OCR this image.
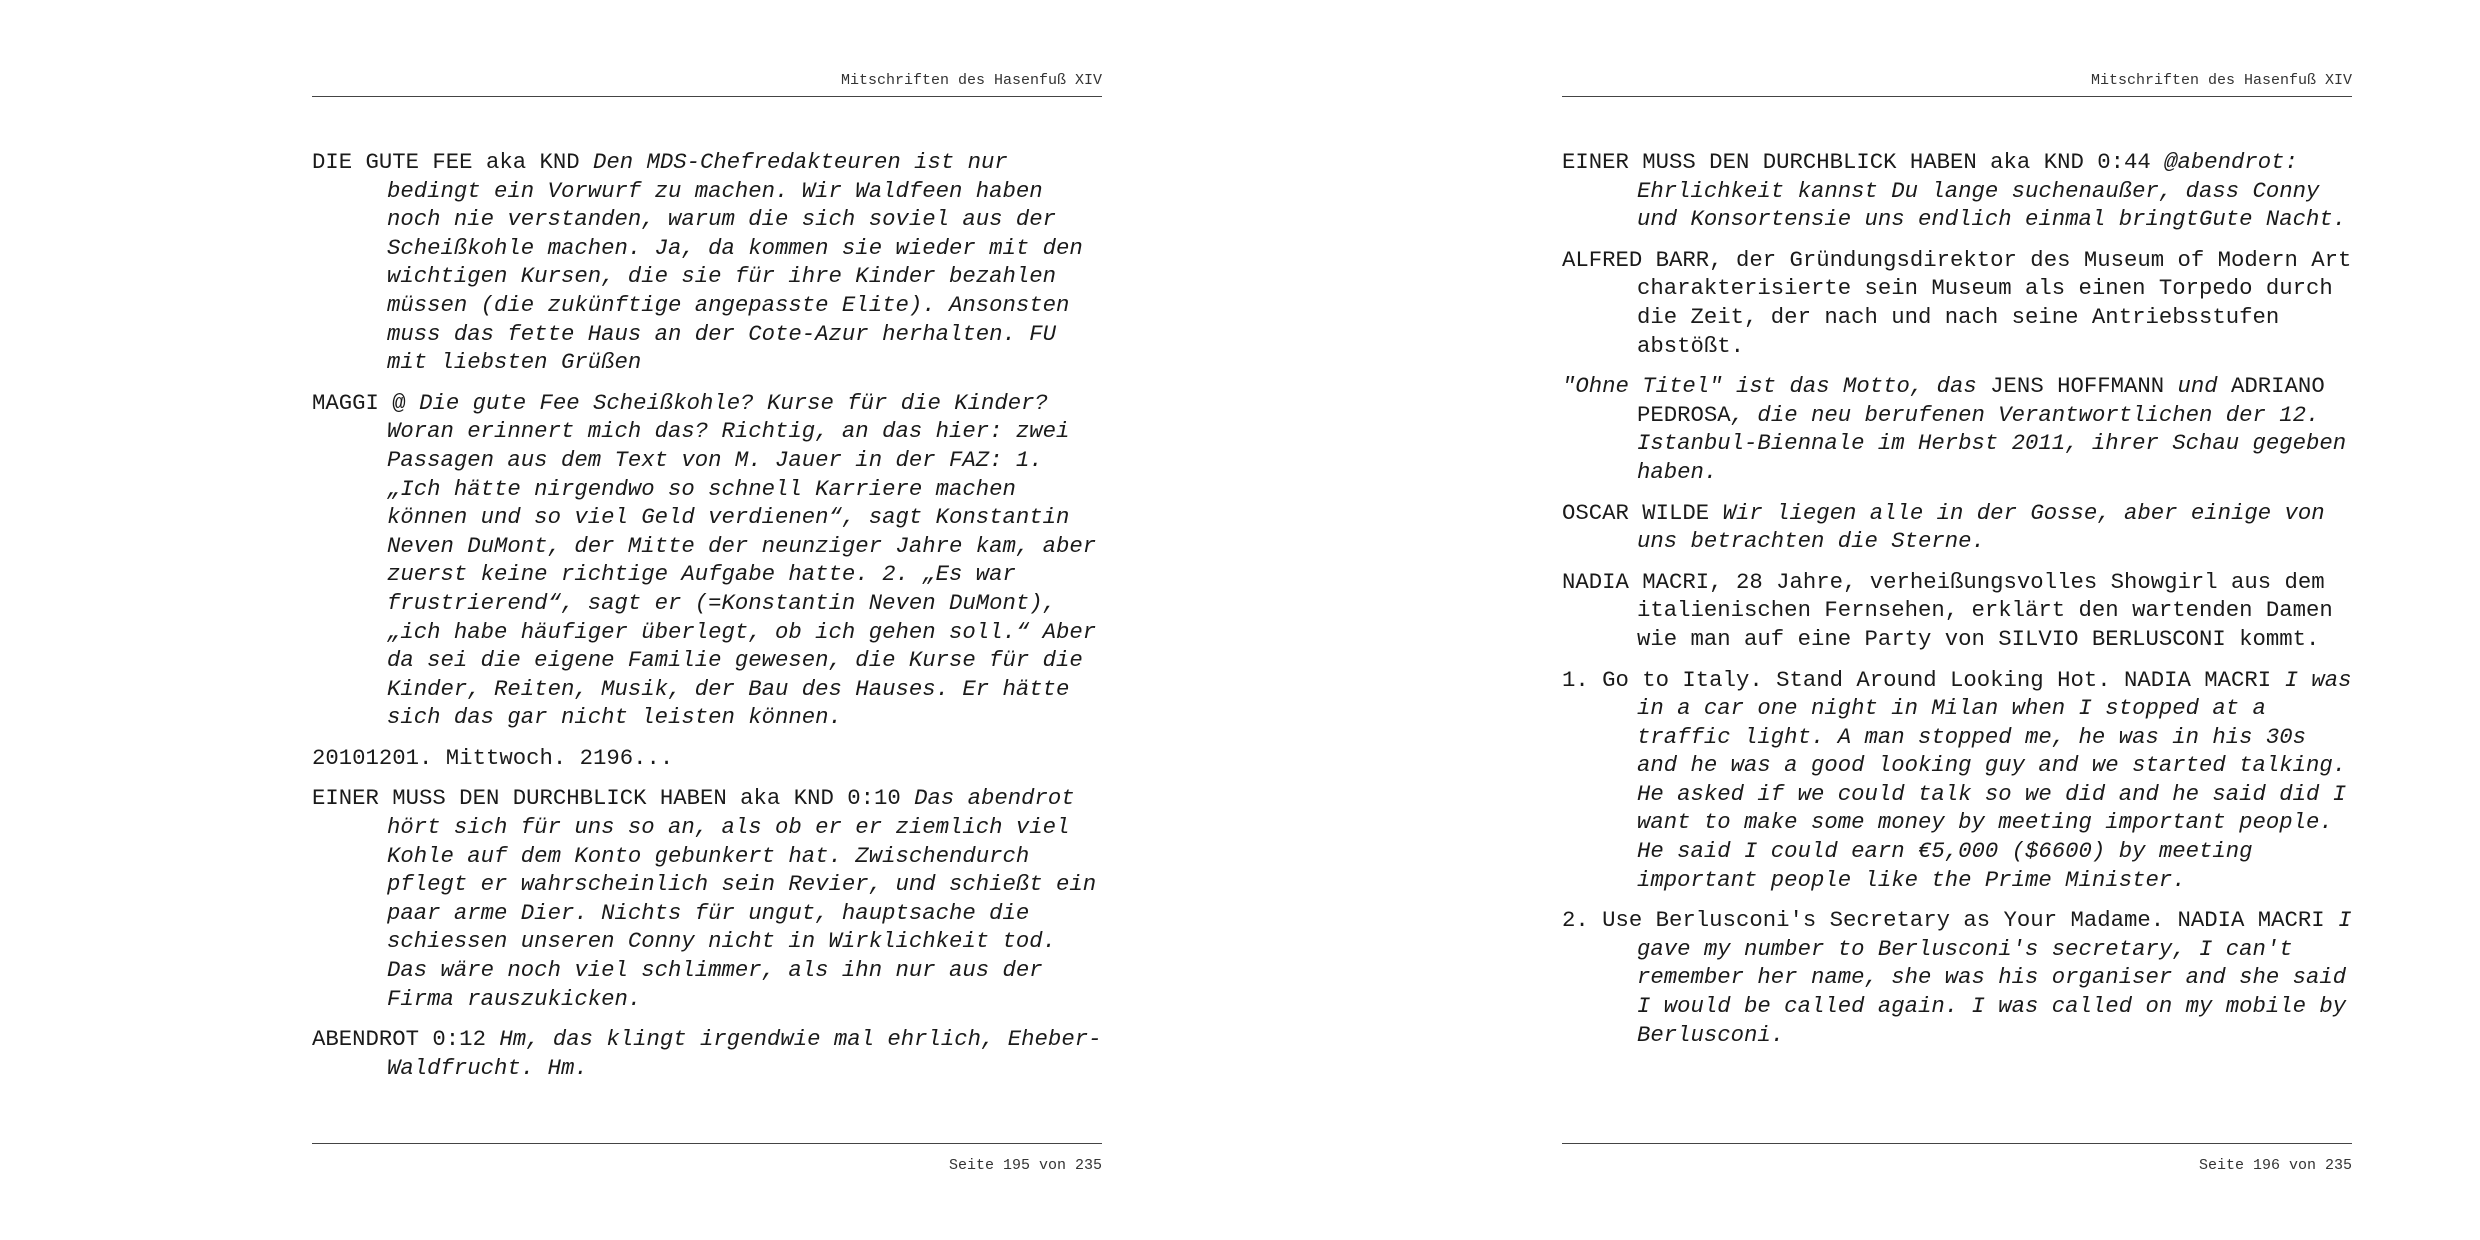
Mitschriften des Hasenfuß XIV

DIE GUTE FEE aka KND Den MDS-Chefredakteuren ist nur bedingt ein Vorwurf zu machen. Wir Waldfeen haben noch nie verstanden, warum die sich soviel aus der Scheißkohle machen. Ja, da kommen sie wieder mit den wichtigen Kursen, die sie für ihre Kinder bezahlen müssen (die zukünftige angepasste Elite). Ansonsten muss das fette Haus an der Cote-Azur herhalten. FU mit liebsten Grüßen

MAGGI @ Die gute Fee Scheißkohle? Kurse für die Kinder? Woran erinnert mich das? Richtig, an das hier: zwei Passagen aus dem Text von M. Jauer in der FAZ: 1. „Ich hätte nirgendwo so schnell Karriere machen können und so viel Geld verdienen“, sagt Konstantin Neven DuMont, der Mitte der neunziger Jahre kam, aber zuerst keine richtige Aufgabe hatte. 2. „Es war frustrierend“, sagt er (=Konstantin Neven DuMont), „ich habe häufiger überlegt, ob ich gehen soll.“ Aber da sei die eigene Familie gewesen, die Kurse für die Kinder, Reiten, Musik, der Bau des Hauses. Er hätte sich das gar nicht leisten können.

20101201. Mittwoch. 2196...

EINER MUSS DEN DURCHBLICK HABEN aka KND 0:10 Das abendrot hört sich für uns so an, als ob er er ziemlich viel Kohle auf dem Konto gebunkert hat. Zwischendurch pflegt er wahrscheinlich sein Revier, und schießt ein paar arme Dier. Nichts für ungut, hauptsache die schiessen unseren Conny nicht in Wirklichkeit tod. Das wäre noch viel schlimmer, als ihn nur aus der Firma rauszukicken.

ABENDROT 0:12 Hm, das klingt irgendwie mal ehrlich, Eheber-Waldfrucht. Hm.

Seite 195 von 235
Mitschriften des Hasenfuß XIV

EINER MUSS DEN DURCHBLICK HABEN aka KND 0:44 @abendrot: Ehrlichkeit kannst Du lange suchenaußer, dass Conny und Konsortensie uns endlich einmal bringtGute Nacht.

ALFRED BARR, der Gründungsdirektor des Museum of Modern Art charakterisierte sein Museum als einen Torpedo durch die Zeit, der nach und nach seine Antriebsstufen abstößt.

"Ohne Titel" ist das Motto, das JENS HOFFMANN und ADRIANO PEDROSA, die neu berufenen Verantwortlichen der 12. Istanbul-Biennale im Herbst 2011, ihrer Schau gegeben haben.

OSCAR WILDE Wir liegen alle in der Gosse, aber einige von uns betrachten die Sterne.

NADIA MACRI, 28 Jahre, verheißungsvolles Showgirl aus dem italienischen Fernsehen, erklärt den wartenden Damen wie man auf eine Party von SILVIO BERLUSCONI kommt.

1. Go to Italy. Stand Around Looking Hot. NADIA MACRI I was in a car one night in Milan when I stopped at a traffic light. A man stopped me, he was in his 30s and he was a good looking guy and we started talking. He asked if we could talk so we did and he said did I want to make some money by meeting important people. He said I could earn €5,000 ($6600) by meeting important people like the Prime Minister.

2. Use Berlusconi's Secretary as Your Madame. NADIA MACRI I gave my number to Berlusconi's secretary, I can't remember her name, she was his organiser and she said I would be called again. I was called on my mobile by Berlusconi.

Seite 196 von 235
